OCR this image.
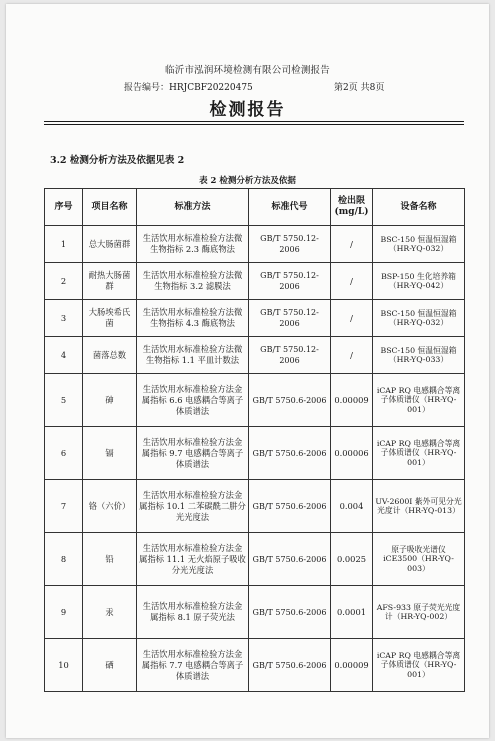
临沂市泓润环境检测有限公司检测报告
报告编号：HRJCBF20220475	第2页 共8页
检测报告
3.2 检测分析方法及依据见表 2
表 2 检测分析方法及依据
序号	项目名称	标准方法	标准代号	检出限(mg/L)	设备名称
1	总大肠菌群	生活饮用水标准检验方法微生物指标 2.3 酶底物法	GB/T 5750.12-2006	/	BSC-150 恒温恒湿箱（HR-YQ-032）
2	耐热大肠菌群	生活饮用水标准检验方法微生物指标 3.2 滤膜法	GB/T 5750.12-2006	/	BSP-150 生化培养箱（HR-YQ-042）
3	大肠埃希氏菌	生活饮用水标准检验方法微生物指标 4.3 酶底物法	GB/T 5750.12-2006	/	BSC-150 恒温恒湿箱（HR-YQ-032）
4	菌落总数	生活饮用水标准检验方法微生物指标 1.1 平皿计数法	GB/T 5750.12-2006	/	BSC-150 恒温恒湿箱（HR-YQ-033）
5	砷	生活饮用水标准检验方法金属指标 6.6 电感耦合等离子体质谱法	GB/T 5750.6-2006	0.00009	iCAP RQ 电感耦合等离子体质谱仪（HR-YQ-001）
6	镉	生活饮用水标准检验方法金属指标 9.7 电感耦合等离子体质谱法	GB/T 5750.6-2006	0.00006	iCAP RQ 电感耦合等离子体质谱仪（HR-YQ-001）
7	铬（六价）	生活饮用水标准检验方法金属指标 10.1 二苯碳酰二肼分光光度法	GB/T 5750.6-2006	0.004	UV-2600I 紫外可见分光光度计（HR-YQ-013）
8	铅	生活饮用水标准检验方法金属指标 11.1 无火焰原子吸收分光光度法	GB/T 5750.6-2006	0.0025	原子吸收光谱仪 iCE3500（HR-YQ-003）
9	汞	生活饮用水标准检验方法金属指标 8.1 原子荧光法	GB/T 5750.6-2006	0.0001	AFS-933 原子荧光光度计（HR-YQ-002）
10	硒	生活饮用水标准检验方法金属指标 7.7 电感耦合等离子体质谱法	GB/T 5750.6-2006	0.00009	iCAP RQ 电感耦合等离子体质谱仪（HR-YQ-001）
